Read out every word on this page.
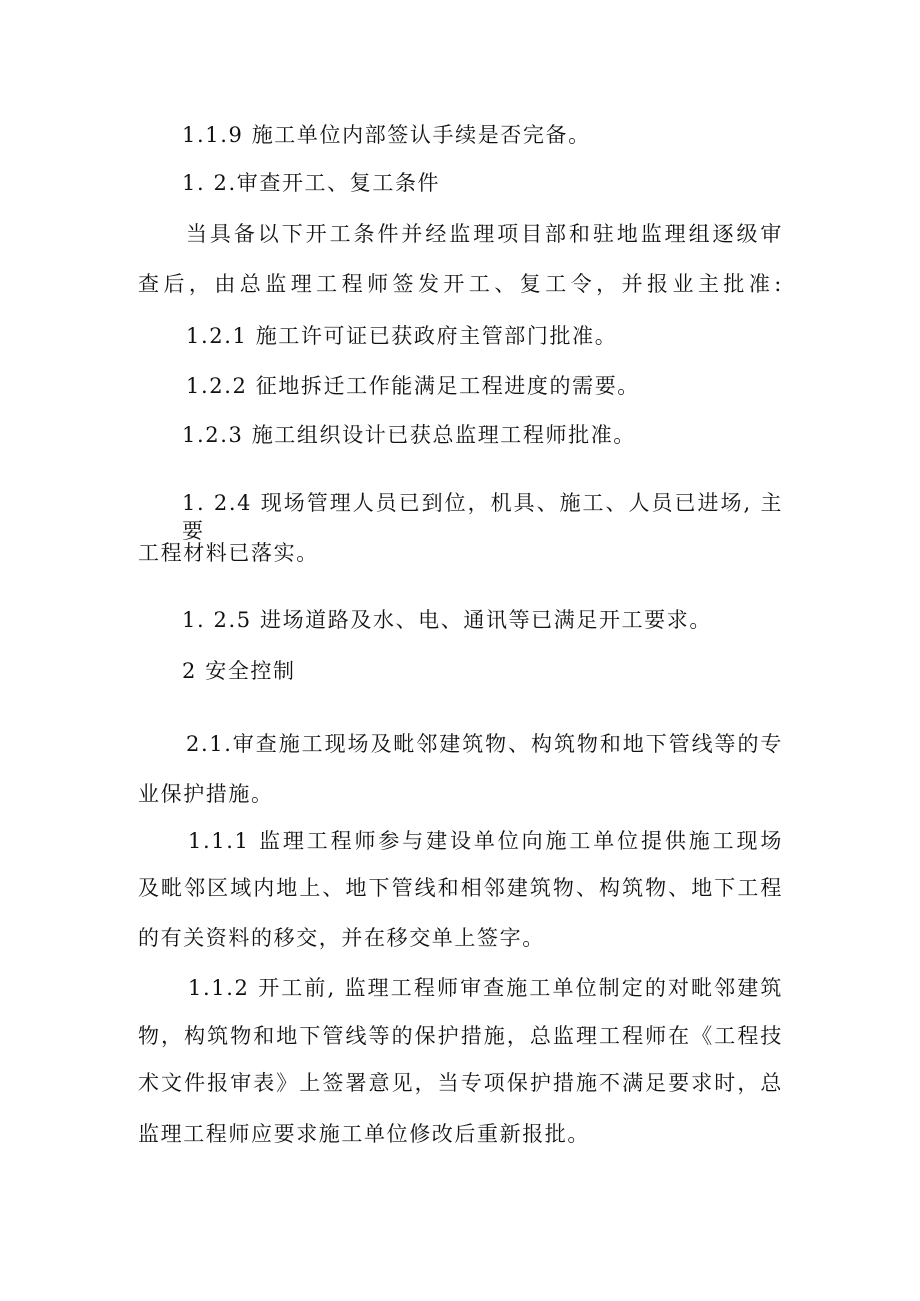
1.1.9 施工单位内部签认手续是否完备。
1. 2.审查开工、复工条件
当具备以下开工条件并经监理项目部和驻地监理组逐级审
查后，由总监理工程师签发开工、复工令，并报业主批准:
1.2.1 施工许可证已获政府主管部门批准。
1.2.2 征地拆迁工作能满足工程进度的需要。
1.2.3 施工组织设计已获总监理工程师批准。
1. 2.4 现场管理人员已到位，机具、施工、人员已进场, 主要
工程材料已落实。
1. 2.5 进场道路及水、电、通讯等已满足开工要求。
2 安全控制
2.1.审查施工现场及毗邻建筑物、构筑物和地下管线等的专
业保护措施。
1.1.1 监理工程师参与建设单位向施工单位提供施工现场
及毗邻区域内地上、地下管线和相邻建筑物、构筑物、地下工程
的有关资料的移交，并在移交单上签字。
1.1.2 开工前, 监理工程师审查施工单位制定的对毗邻建筑
物，构筑物和地下管线等的保护措施，总监理工程师在《工程技
术文件报审表》上签署意见，当专项保护措施不满足要求时，总
监理工程师应要求施工单位修改后重新报批。
